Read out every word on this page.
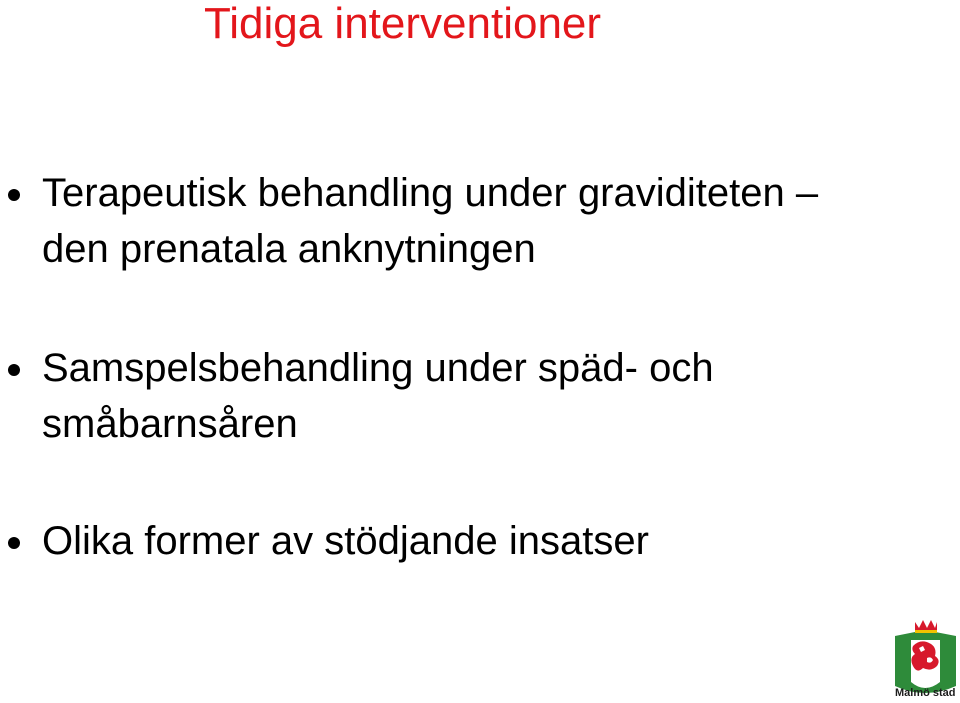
Tidiga interventioner
Terapeutisk behandling under graviditeten –
den prenatala anknytningen
Samspelsbehandling under späd- och
småbarnsåren
Olika former av stödjande insatser
Malmö stad
